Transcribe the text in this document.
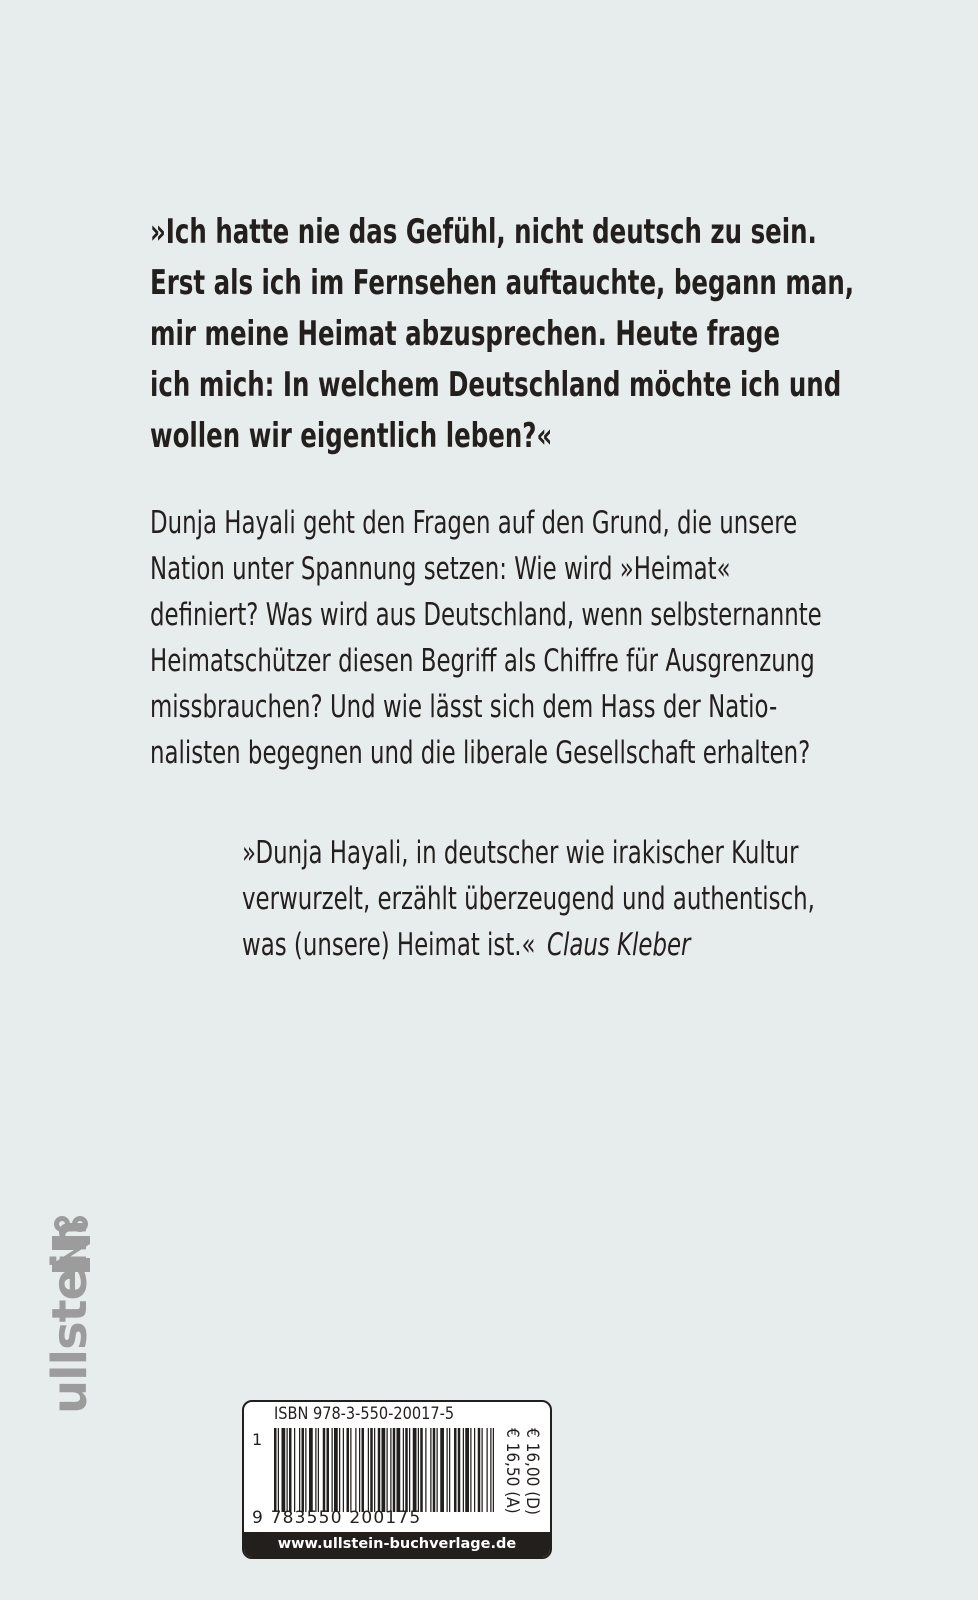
»Ich hatte nie das Gefühl, nicht deutsch zu sein.
Erst als ich im Fernsehen auftauchte, begann man,
mir meine Heimat abzusprechen. Heute frage
ich mich: In welchem Deutschland möchte ich und
wollen wir eigentlich leben?«
Dunja Hayali geht den Fragen auf den Grund, die unsere
Nation unter Spannung setzen: Wie wird »Heimat«
definiert? Was wird aus Deutschland, wenn selbsternannte
Heimatschützer diesen Begriff als Chiffre für Ausgrenzung
missbrauchen? Und wie lässt sich dem Hass der Natio-
nalisten begegnen und die liberale Gesellschaft erhalten?
»Dunja Hayali, in deutscher wie irakischer Kultur
verwurzelt, erzählt überzeugend und authentisch,
was (unsere) Heimat ist.« Claus Kleber
ullstein
ISBN 978-3-550-20017-5
1
9 783550 200175
€ 16,00 (D)
€ 16,50 (A)
www.ullstein-buchverlage.de
